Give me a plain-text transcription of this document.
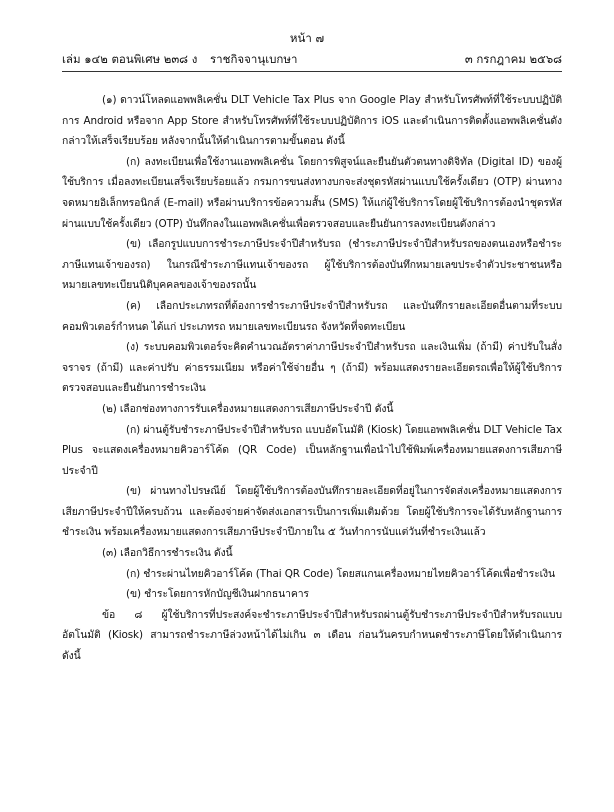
หน้า ๗
เล่ม ๑๔๒ ตอนพิเศษ ๒๓๘ ง ราชกิจจานุเบกษา	๓ กรกฎาคม ๒๕๖๘

(๑) ดาวน์โหลดแอพพลิเคชั่น DLT Vehicle Tax Plus จาก Google Play สำหรับโทรศัพท์ที่ใช้ระบบปฏิบัติการ Android หรือจาก App Store สำหรับโทรศัพท์ที่ใช้ระบบปฏิบัติการ iOS และดำเนินการติดตั้งแอพพลิเคชั่นดังกล่าวให้เสร็จเรียบร้อย หลังจากนั้นให้ดำเนินการตามขั้นตอน ดังนี้

(ก) ลงทะเบียนเพื่อใช้งานแอพพลิเคชั่น โดยการพิสูจน์และยืนยันตัวตนทางดิจิทัล (Digital ID) ของผู้ใช้บริการ เมื่อลงทะเบียนเสร็จเรียบร้อยแล้ว กรมการขนส่งทางบกจะส่งชุดรหัสผ่านแบบใช้ครั้งเดียว (OTP) ผ่านทางจดหมายอิเล็กทรอนิกส์ (E-mail) หรือผ่านบริการข้อความสั้น (SMS) ให้แก่ผู้ใช้บริการโดยผู้ใช้บริการต้องนำชุดรหัสผ่านแบบใช้ครั้งเดียว (OTP) บันทึกลงในแอพพลิเคชั่นเพื่อตรวจสอบและยืนยันการลงทะเบียนดังกล่าว

(ข) เลือกรูปแบบการชำระภาษีประจำปีสำหรับรถ (ชำระภาษีประจำปีสำหรับรถของตนเองหรือชำระภาษีแทนเจ้าของรถ) ในกรณีชำระภาษีแทนเจ้าของรถ ผู้ใช้บริการต้องบันทึกหมายเลขประจำตัวประชาชนหรือหมายเลขทะเบียนนิติบุคคลของเจ้าของรถนั้น

(ค) เลือกประเภทรถที่ต้องการชำระภาษีประจำปีสำหรับรถ และบันทึกรายละเอียดอื่นตามที่ระบบคอมพิวเตอร์กำหนด ได้แก่ ประเภทรถ หมายเลขทะเบียนรถ จังหวัดที่จดทะเบียน

(ง) ระบบคอมพิวเตอร์จะคิดคำนวณอัตราค่าภาษีประจำปีสำหรับรถ และเงินเพิ่ม (ถ้ามี) ค่าปรับในสั่งจราจร (ถ้ามี) และค่าปรับ ค่าธรรมเนียม หรือค่าใช้จ่ายอื่น ๆ (ถ้ามี) พร้อมแสดงรายละเอียดรถเพื่อให้ผู้ใช้บริการตรวจสอบและยืนยันการชำระเงิน

(๒) เลือกช่องทางการรับเครื่องหมายแสดงการเสียภาษีประจำปี ดังนี้

(ก) ผ่านตู้รับชำระภาษีประจำปีสำหรับรถ แบบอัตโนมัติ (Kiosk) โดยแอพพลิเคชั่น DLT Vehicle Tax Plus จะแสดงเครื่องหมายคิวอาร์โค้ด (QR Code) เป็นหลักฐานเพื่อนำไปใช้พิมพ์เครื่องหมายแสดงการเสียภาษีประจำปี

(ข) ผ่านทางไปรษณีย์ โดยผู้ใช้บริการต้องบันทึกรายละเอียดที่อยู่ในการจัดส่งเครื่องหมายแสดงการเสียภาษีประจำปีให้ครบถ้วน และต้องจ่ายค่าจัดส่งเอกสารเป็นการเพิ่มเติมด้วย โดยผู้ใช้บริการจะได้รับหลักฐานการชำระเงิน พร้อมเครื่องหมายแสดงการเสียภาษีประจำปีภายใน ๕ วันทำการนับแต่วันที่ชำระเงินแล้ว

(๓) เลือกวิธีการชำระเงิน ดังนี้

(ก) ชำระผ่านไทยคิวอาร์โค้ด (Thai QR Code) โดยสแกนเครื่องหมายไทยคิวอาร์โค้ดเพื่อชำระเงิน

(ข) ชำระโดยการหักบัญชีเงินฝากธนาคาร

ข้อ ๘ ผู้ใช้บริการที่ประสงค์จะชำระภาษีประจำปีสำหรับรถผ่านตู้รับชำระภาษีประจำปีสำหรับรถแบบอัตโนมัติ (Kiosk) สามารถชำระภาษีล่วงหน้าได้ไม่เกิน ๓ เดือน ก่อนวันครบกำหนดชำระภาษีโดยให้ดำเนินการ ดังนี้
